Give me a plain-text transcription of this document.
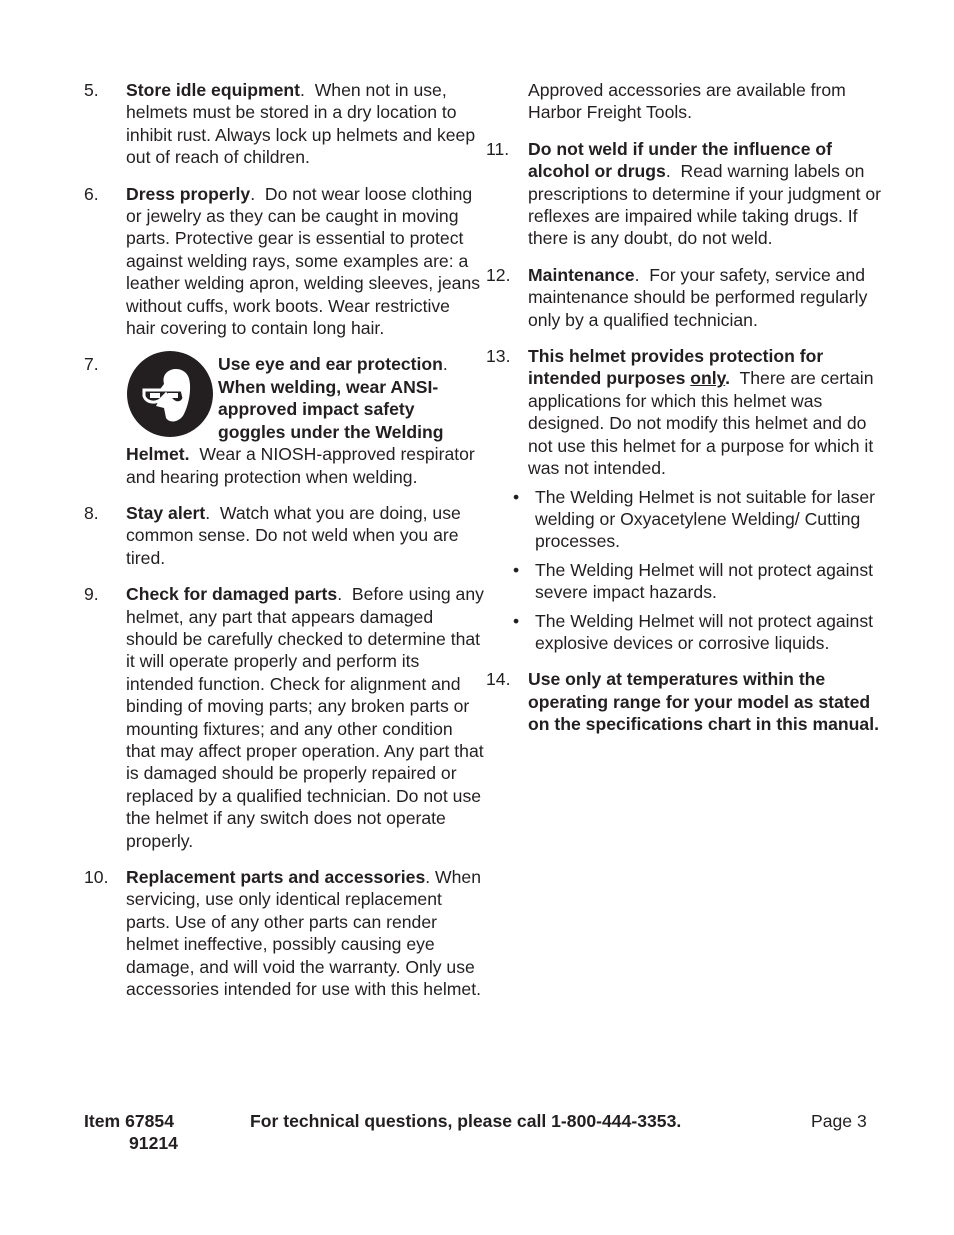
5. Store idle equipment.  When not in use, helmets must be stored in a dry location to inhibit rust. Always lock up helmets and keep out of reach of children.
6. Dress properly.  Do not wear loose clothing or jewelry as they can be caught in moving parts. Protective gear is essential to protect against welding rays, some examples are: a leather welding apron, welding sleeves, jeans without cuffs, work boots. Wear restrictive hair covering to contain long hair.
7.	Use eye and ear protection. When welding, wear ANSI-approved impact safety goggles under the Welding Helmet.  Wear a NIOSH-approved respirator and hearing protection when welding.
8. Stay alert.  Watch what you are doing, use common sense. Do not weld when you are tired.
9. Check for damaged parts.  Before using any helmet, any part that appears damaged should be carefully checked to determine that it will operate properly and perform its intended function. Check for alignment and binding of moving parts; any broken parts or mounting fixtures; and any other condition that may affect proper operation. Any part that is damaged should be properly repaired or replaced by a qualified technician. Do not use the helmet if any switch does not operate properly.
10. Replacement parts and accessories. When servicing, use only identical replacement parts. Use of any other parts can render helmet ineffective, possibly causing eye damage, and will void the warranty. Only use accessories intended for use with this helmet.
Approved accessories are available from Harbor Freight Tools.
11. Do not weld if under the influence of alcohol or drugs.  Read warning labels on prescriptions to determine if your judgment or reflexes are impaired while taking drugs. If there is any doubt, do not weld.
12. Maintenance.  For your safety, service and maintenance should be performed regularly only by a qualified technician.
13. This helmet provides protection for intended purposes only.  There are certain applications for which this helmet was designed. Do not modify this helmet and do not use this helmet for a purpose for which it was not intended.
• The Welding Helmet is not suitable for laser welding or Oxyacetylene Welding/ Cutting processes.
• The Welding Helmet will not protect against severe impact hazards.
• The Welding Helmet will not protect against explosive devices or corrosive liquids.
14. Use only at temperatures within the operating range for your model as stated on the specifications chart in this manual.
Item 67854
91214
For technical questions, please call 1-800-444-3353.	Page 3
